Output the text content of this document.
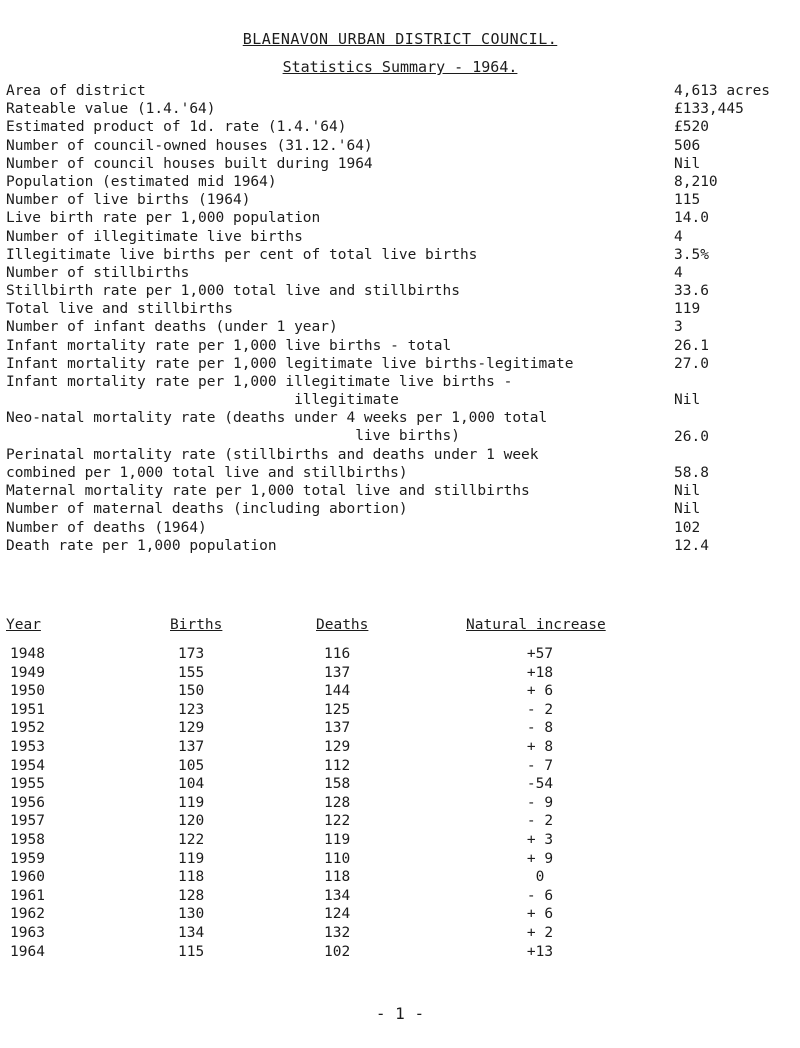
BLAENAVON URBAN DISTRICT COUNCIL.
Statistics Summary - 1964.
Area of district	4,613 acres
Rateable value (1.4.'64)	£133,445
Estimated product of 1d. rate (1.4.'64)	£520
Number of council-owned houses (31.12.'64)	506
Number of council houses built during 1964	Nil
Population (estimated mid 1964)	8,210
Number of live births (1964)	115
Live birth rate per 1,000 population	14.0
Number of illegitimate live births	4
Illegitimate live births per cent of total live births	3.5%
Number of stillbirths	4
Stillbirth rate per 1,000 total live and stillbirths	33.6
Total live and stillbirths	119
Number of infant deaths (under 1 year)	3
Infant mortality rate per 1,000 live births - total	26.1
Infant mortality rate per 1,000 legitimate live births-legitimate	27.0
Infant mortality rate per 1,000 illegitimate live births -
illegitimate	Nil
Neo-natal mortality rate (deaths under 4 weeks per 1,000 total
live births)	26.0
Perinatal mortality rate (stillbirths and deaths under 1 week
combined per 1,000 total live and stillbirths)	58.8
Maternal mortality rate per 1,000 total live and stillbirths	Nil
Number of maternal deaths (including abortion)	Nil
Number of deaths (1964)	102
Death rate per 1,000 population	12.4
Year	Births	Deaths	Natural increase
1948	173	116	+57
1949	155	137	+18
1950	150	144	+ 6
1951	123	125	- 2
1952	129	137	- 8
1953	137	129	+ 8
1954	105	112	- 7
1955	104	158	-54
1956	119	128	- 9
1957	120	122	- 2
1958	122	119	+ 3
1959	119	110	+ 9
1960	118	118	0
1961	128	134	- 6
1962	130	124	+ 6
1963	134	132	+ 2
1964	115	102	+13
- 1 -
